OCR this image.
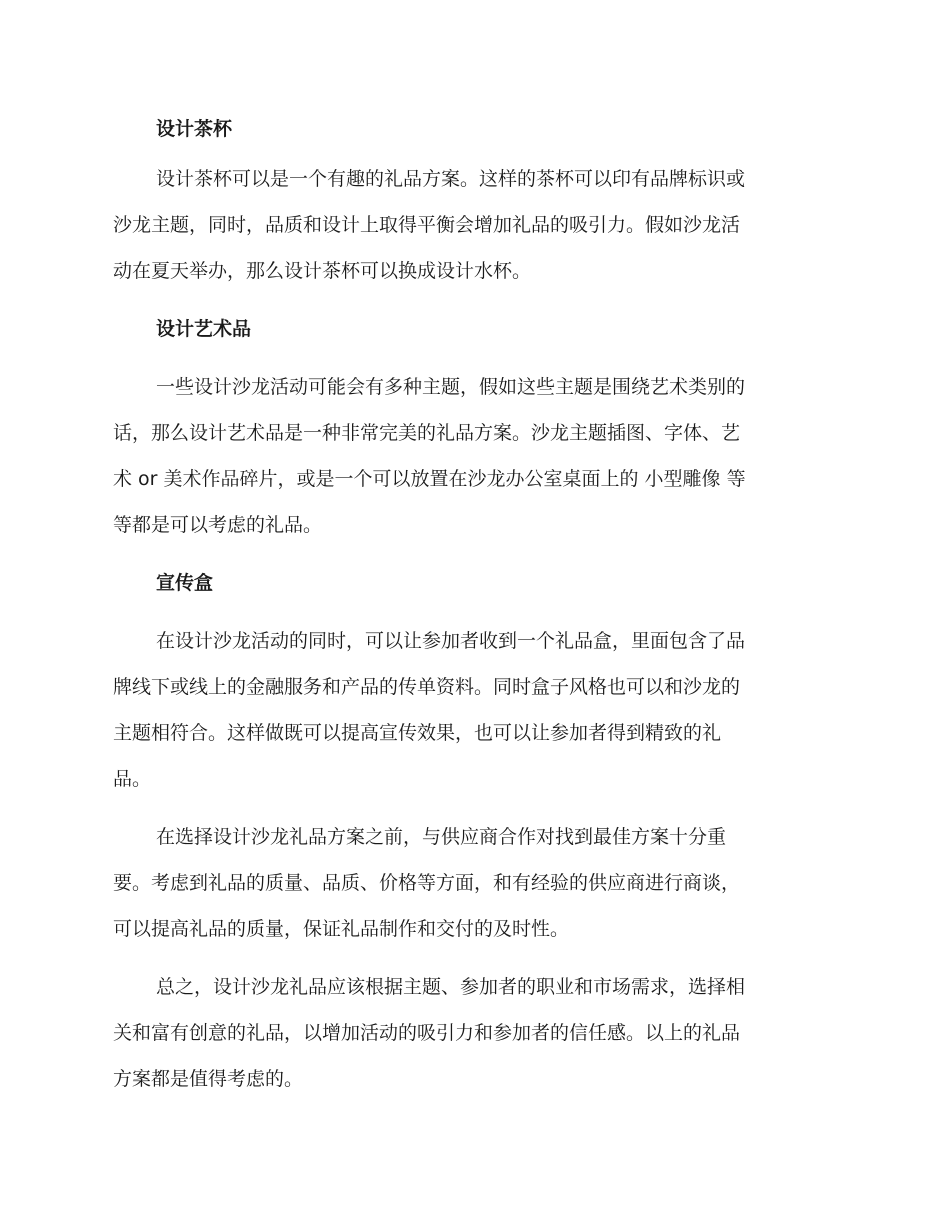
设计茶杯

设计茶杯可以是一个有趣的礼品方案。这样的茶杯可以印有品牌标识或
沙龙主题，同时，品质和设计上取得平衡会增加礼品的吸引力。假如沙龙活
动在夏天举办，那么设计茶杯可以换成设计水杯。

设计艺术品

一些设计沙龙活动可能会有多种主题，假如这些主题是围绕艺术类别的
话，那么设计艺术品是一种非常完美的礼品方案。沙龙主题插图、字体、艺
术 or 美术作品碎片，或是一个可以放置在沙龙办公室桌面上的 小型雕像 等
等都是可以考虑的礼品。

宣传盒

在设计沙龙活动的同时，可以让参加者收到一个礼品盒，里面包含了品
牌线下或线上的金融服务和产品的传单资料。同时盒子风格也可以和沙龙的
主题相符合。这样做既可以提高宣传效果，也可以让参加者得到精致的礼
品。

在选择设计沙龙礼品方案之前，与供应商合作对找到最佳方案十分重
要。考虑到礼品的质量、品质、价格等方面，和有经验的供应商进行商谈，
可以提高礼品的质量，保证礼品制作和交付的及时性。

总之，设计沙龙礼品应该根据主题、参加者的职业和市场需求，选择相
关和富有创意的礼品，以增加活动的吸引力和参加者的信任感。以上的礼品
方案都是值得考虑的。
